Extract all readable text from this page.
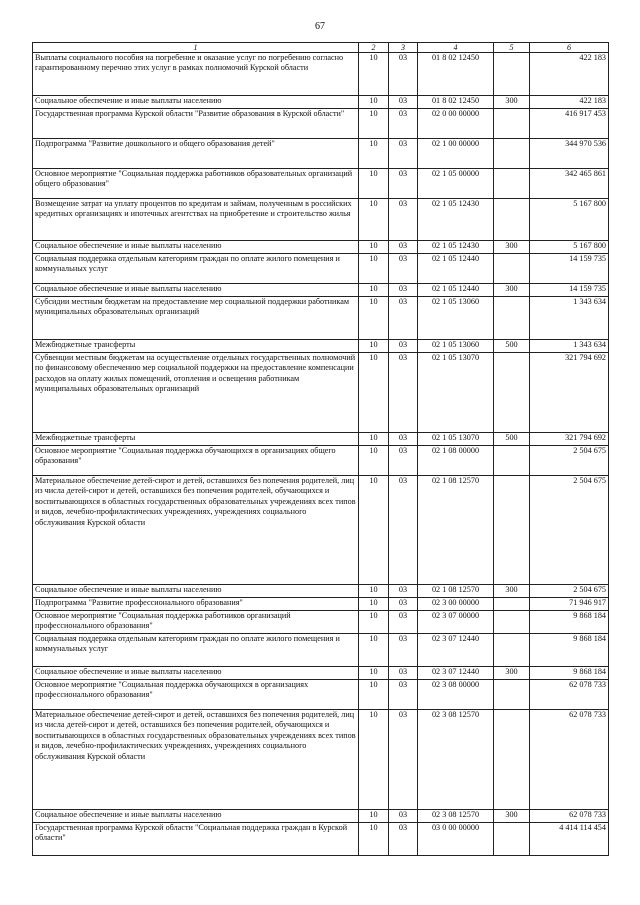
67
1	2	3	4	5	6
Выплаты социального пособия на погребение и оказание услуг по погребению согласно гарантированному перечню этих услуг в рамках полномочий Курской области	10	03	01 8 02 12450		422 183
Социальное обеспечение и иные выплаты населению	10	03	01 8 02 12450	300	422 183
Государственная программа Курской области "Развитие образования в Курской области"	10	03	02 0 00 00000		416 917 453
Подпрограмма "Развитие дошкольного и общего образования детей"	10	03	02 1 00 00000		344 970 536
Основное мероприятие "Социальная поддержка работников образовательных организаций общего образования"	10	03	02 1 05 00000		342 465 861
Возмещение затрат на уплату процентов по кредитам и займам, полученным в российских кредитных организациях и ипотечных агентствах на приобретение и строительство жилья	10	03	02 1 05 12430		5 167 800
Социальное обеспечение и иные выплаты населению	10	03	02 1 05 12430	300	5 167 800
Социальная поддержка отдельным категориям граждан по оплате жилого помещения и коммунальных услуг	10	03	02 1 05 12440		14 159 735
Социальное обеспечение и иные выплаты населению	10	03	02 1 05 12440	300	14 159 735
Субсидии местным бюджетам на предоставление мер социальной поддержки работникам муниципальных образовательных организаций	10	03	02 1 05 13060		1 343 634
Межбюджетные трансферты	10	03	02 1 05 13060	500	1 343 634
Субвенции местным бюджетам на осуществление отдельных государственных полномочий по финансовому обеспечению мер социальной поддержки на предоставление компенсации расходов на оплату жилых помещений, отопления и освещения работникам муниципальных образовательных организаций	10	03	02 1 05 13070		321 794 692
Межбюджетные трансферты	10	03	02 1 05 13070	500	321 794 692
Основное мероприятие "Социальная поддержка обучающихся в организациях общего образования"	10	03	02 1 08 00000		2 504 675
Материальное обеспечение детей-сирот и детей, оставшихся без попечения родителей, лиц из числа детей-сирот и детей, оставшихся без попечения родителей, обучающихся и воспитывающихся в областных государственных образовательных учреждениях всех типов и видов, лечебно-профилактических учреждениях, учреждениях социального обслуживания Курской области	10	03	02 1 08 12570		2 504 675
Социальное обеспечение и иные выплаты населению	10	03	02 1 08 12570	300	2 504 675
Подпрограмма "Развитие профессионального образования"	10	03	02 3 00 00000		71 946 917
Основное мероприятие "Социальная поддержка работников организаций профессионального образования"	10	03	02 3 07 00000		9 868 184
Социальная поддержка отдельным категориям граждан по оплате жилого помещения и коммунальных услуг	10	03	02 3 07 12440		9 868 184
Социальное обеспечение и иные выплаты населению	10	03	02 3 07 12440	300	9 868 184
Основное мероприятие "Социальная поддержка обучающихся в организациях профессионального образования"	10	03	02 3 08 00000		62 078 733
Материальное обеспечение детей-сирот и детей, оставшихся без попечения родителей, лиц из числа детей-сирот и детей, оставшихся без попечения родителей, обучающихся и воспитывающихся в областных государственных образовательных учреждениях всех типов и видов, лечебно-профилактических учреждениях, учреждениях социального обслуживания Курской области	10	03	02 3 08 12570		62 078 733
Социальное обеспечение и иные выплаты населению	10	03	02 3 08 12570	300	62 078 733
Государственная программа Курской области "Социальная поддержка граждан в Курской области"	10	03	03 0 00 00000		4 414 114 454
